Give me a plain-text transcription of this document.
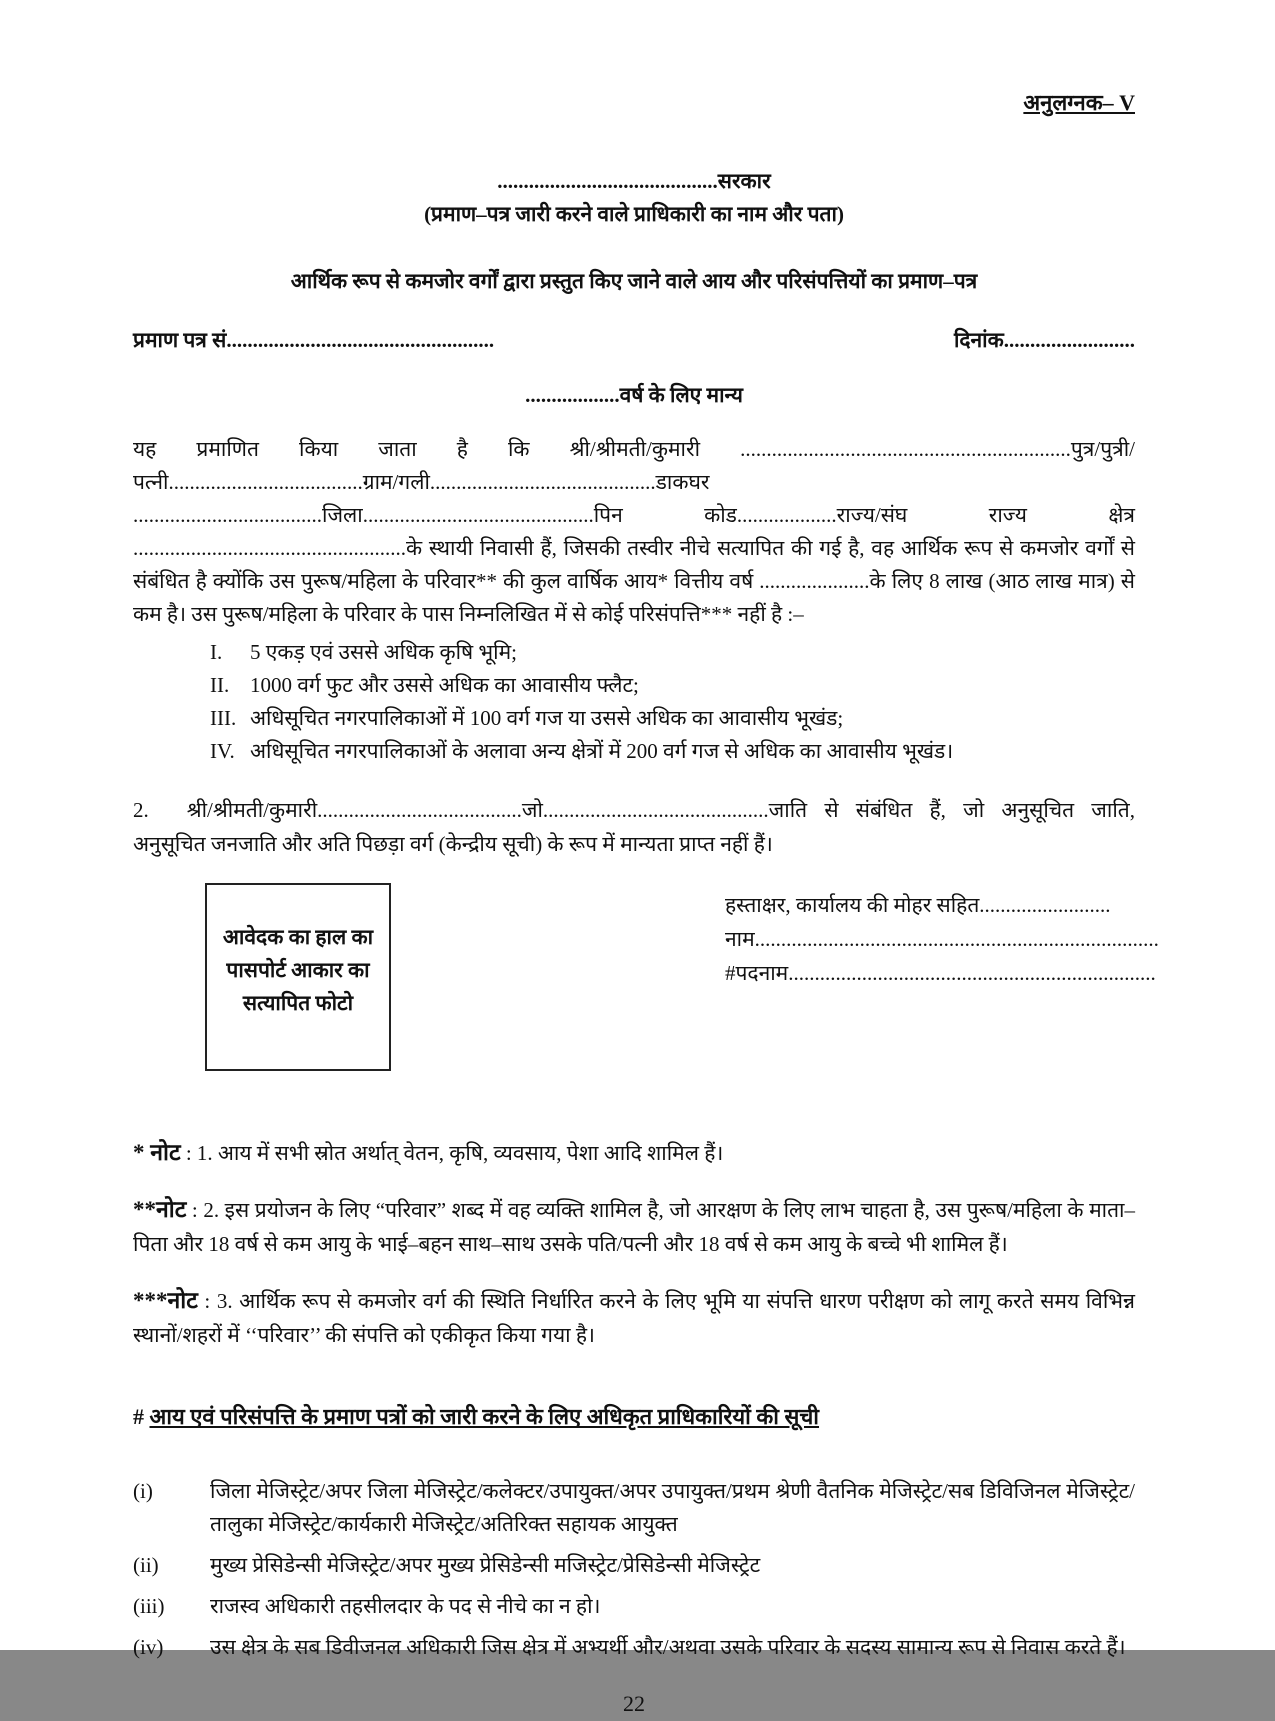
अनुलग्नक– V
..........................................सरकार
(प्रमाण–पत्र जारी करने वाले प्राधिकारी का नाम और पता)
आर्थिक रूप से कमजोर वर्गों द्वारा प्रस्तुत किए जाने वाले आय और परिसंपत्तियों का प्रमाण–पत्र
प्रमाण पत्र सं...................................................	दिनांक.........................
..................वर्ष के लिए मान्य

यह प्रमाणित किया जाता है कि श्री/श्रीमती/कुमारी ...............................................................पुत्र/पुत्री/पत्नी.....................................ग्राम/गली...........................................डाकघर ....................................जिला............................................पिन कोड...................राज्य/संघ राज्य क्षेत्र ....................................................के स्थायी निवासी हैं, जिसकी तस्वीर नीचे सत्यापित की गई है, वह आर्थिक रूप से कमजोर वर्गों से संबंधित है क्योंकि उस पुरूष/महिला के परिवार** की कुल वार्षिक आय* वित्तीय वर्ष .....................के लिए 8 लाख (आठ लाख मात्र) से कम है। उस पुरूष/महिला के परिवार के पास निम्नलिखित में से कोई परिसंपत्ति*** नहीं है :–

I.	5 एकड़ एवं उससे अधिक कृषि भूमि;
II. 1000 वर्ग फुट और उससे अधिक का आवासीय फ्लैट;
III. अधिसूचित नगरपालिकाओं में 100 वर्ग गज या उससे अधिक का आवासीय भूखंड;
IV. अधिसूचित नगरपालिकाओं के अलावा अन्य क्षेत्रों में 200 वर्ग गज से अधिक का आवासीय भूखंड।

2. श्री/श्रीमती/कुमारी.......................................जो...........................................जाति से संबंधित हैं, जो अनुसूचित जाति, अनुसूचित जनजाति और अति पिछड़ा वर्ग (केन्द्रीय सूची) के रूप में मान्यता प्राप्त नहीं हैं।

आवेदक का हाल का पासपोर्ट आकार का सत्यापित फोटो
हस्ताक्षर, कार्यालय की मोहर सहित.........................
नाम.............................................................................
#पदनाम......................................................................

* नोट : 1. आय में सभी स्रोत अर्थात् वेतन, कृषि, व्यवसाय, पेशा आदि शामिल हैं।

**नोट : 2. इस प्रयोजन के लिए “परिवार” शब्द में वह व्यक्ति शामिल है, जो आरक्षण के लिए लाभ चाहता है, उस पुरूष/महिला के माता–पिता और 18 वर्ष से कम आयु के भाई–बहन साथ–साथ उसके पति/पत्नी और 18 वर्ष से कम आयु के बच्चे भी शामिल हैं।

***नोट : 3. आर्थिक रूप से कमजोर वर्ग की स्थिति निर्धारित करने के लिए भूमि या संपत्ति धारण परीक्षण को लागू करते समय विभिन्न स्थानों/शहरों में ‘‘परिवार’’ की संपत्ति को एकीकृत किया गया है।

# आय एवं परिसंपत्ति के प्रमाण पत्रों को जारी करने के लिए अधिकृत प्राधिकारियों की सूची
(i)	जिला मेजिस्ट्रेट/अपर जिला मेजिस्ट्रेट/कलेक्टर/उपायुक्त/अपर उपायुक्त/प्रथम श्रेणी वैतनिक मेजिस्ट्रेट/सब डिविजिनल मेजिस्ट्रेट/तालुका मेजिस्ट्रेट/कार्यकारी मेजिस्ट्रेट/अतिरिक्त सहायक आयुक्त
(ii)	मुख्य प्रेसिडेन्सी मेजिस्ट्रेट/अपर मुख्य प्रेसिडेन्सी मजिस्ट्रेट/प्रेसिडेन्सी मेजिस्ट्रेट
(iii)	राजस्व अधिकारी तहसीलदार के पद से नीचे का न हो।
(iv)	उस क्षेत्र के सब डिवीजनल अधिकारी जिस क्षेत्र में अभ्यर्थी और/अथवा उसके परिवार के सदस्य सामान्य रूप से निवास करते हैं।
22
